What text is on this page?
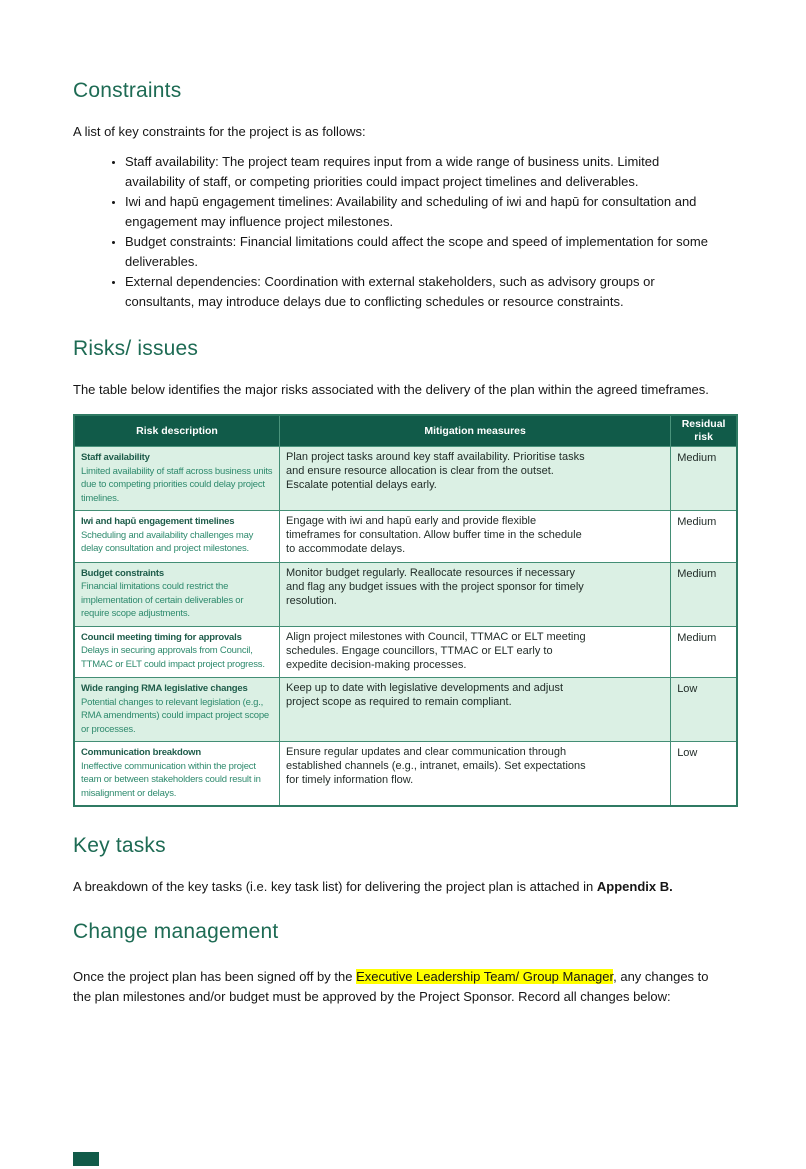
Constraints

A list of key constraints for the project is as follows:

• Staff availability: The project team requires input from a wide range of business units. Limited availability of staff, or competing priorities could impact project timelines and deliverables.
• Iwi and hapū engagement timelines: Availability and scheduling of iwi and hapū for consultation and engagement may influence project milestones.
• Budget constraints: Financial limitations could affect the scope and speed of implementation for some deliverables.
• External dependencies: Coordination with external stakeholders, such as advisory groups or consultants, may introduce delays due to conflicting schedules or resource constraints.
Risks/ issues

The table below identifies the major risks associated with the delivery of the plan within the agreed timeframes.

Risk description	Mitigation measures	Residual risk

Staff availability
Limited availability of staff across business units due to competing priorities could delay project timelines.	Plan project tasks around key staff availability. Prioritise tasks and ensure resource allocation is clear from the outset. Escalate potential delays early.	Medium

Iwi and hapū engagement timelines
Scheduling and availability challenges may delay consultation and project milestones.	Engage with iwi and hapū early and provide flexible timeframes for consultation. Allow buffer time in the schedule to accommodate delays.	Medium

Budget constraints
Financial limitations could restrict the implementation of certain deliverables or require scope adjustments.	Monitor budget regularly. Reallocate resources if necessary and flag any budget issues with the project sponsor for timely resolution.	Medium

Council meeting timing for approvals
Delays in securing approvals from Council, TTMAC or ELT could impact project progress.	Align project milestones with Council, TTMAC or ELT meeting schedules. Engage councillors, TTMAC or ELT early to expedite decision-making processes.	Medium

Wide ranging RMA legislative changes
Potential changes to relevant legislation (e.g., RMA amendments) could impact project scope or processes.	Keep up to date with legislative developments and adjust project scope as required to remain compliant.	Low

Communication breakdown
Ineffective communication within the project team or between stakeholders could result in misalignment or delays.	Ensure regular updates and clear communication through established channels (e.g., intranet, emails). Set expectations for timely information flow.	Low
Key tasks

A breakdown of the key tasks (i.e. key task list) for delivering the project plan is attached in Appendix B.

Change management

Once the project plan has been signed off by the Executive Leadership Team/ Group Manager, any changes to the plan milestones and/or budget must be approved by the Project Sponsor. Record all changes below:
